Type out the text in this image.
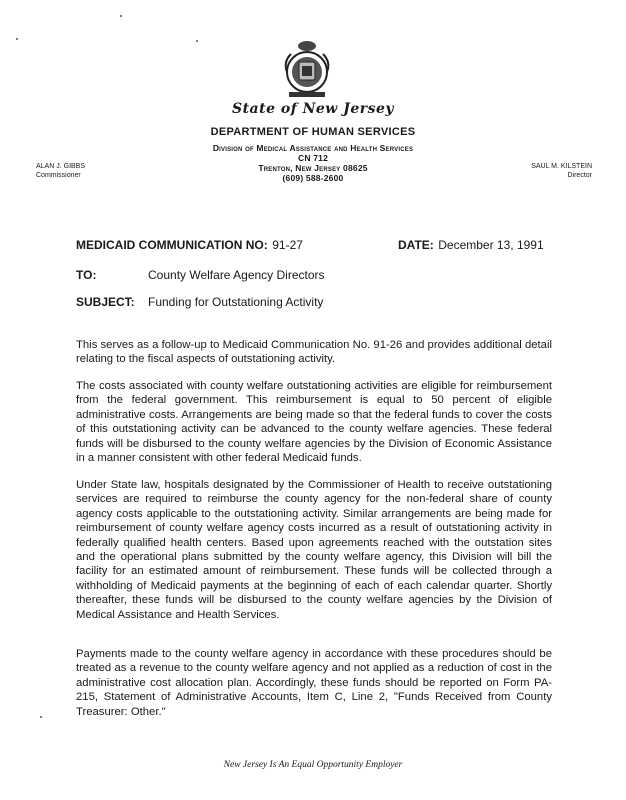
State of New Jersey
DEPARTMENT OF HUMAN SERVICES
Division of Medical Assistance and Health Services
CN 712
Trenton, New Jersey 08625
(609) 588-2600
ALAN J. GIBBS
Commissioner
SAUL M. KILSTEIN
Director
MEDICAID COMMUNICATION NO: 91-27	DATE: December 13, 1991
TO:	County Welfare Agency Directors
SUBJECT: Funding for Outstationing Activity
This serves as a follow-up to Medicaid Communication No. 91-26 and provides additional detail relating to the fiscal aspects of outstationing activity.
The costs associated with county welfare outstationing activities are eligible for reimbursement from the federal government. This reimbursement is equal to 50 percent of eligible administrative costs. Arrangements are being made so that the federal funds to cover the costs of this outstationing activity can be advanced to the county welfare agencies. These federal funds will be disbursed to the county welfare agencies by the Division of Economic Assistance in a manner consistent with other federal Medicaid funds.
Under State law, hospitals designated by the Commissioner of Health to receive outstationing services are required to reimburse the county agency for the non-federal share of county agency costs applicable to the outstationing activity. Similar arrangements are being made for reimbursement of county welfare agency costs incurred as a result of outstationing activity in federally qualified health centers. Based upon agreements reached with the outstation sites and the operational plans submitted by the county welfare agency, this Division will bill the facility for an estimated amount of reimbursement. These funds will be collected through a withholding of Medicaid payments at the beginning of each of each calendar quarter. Shortly thereafter, these funds will be disbursed to the county welfare agencies by the Division of Medical Assistance and Health Services.
Payments made to the county welfare agency in accordance with these procedures should be treated as a revenue to the county welfare agency and not applied as a reduction of cost in the administrative cost allocation plan. Accordingly, these funds should be reported on Form PA-215, Statement of Administrative Accounts, Item C, Line 2, "Funds Received from County Treasurer: Other."
New Jersey Is An Equal Opportunity Employer
